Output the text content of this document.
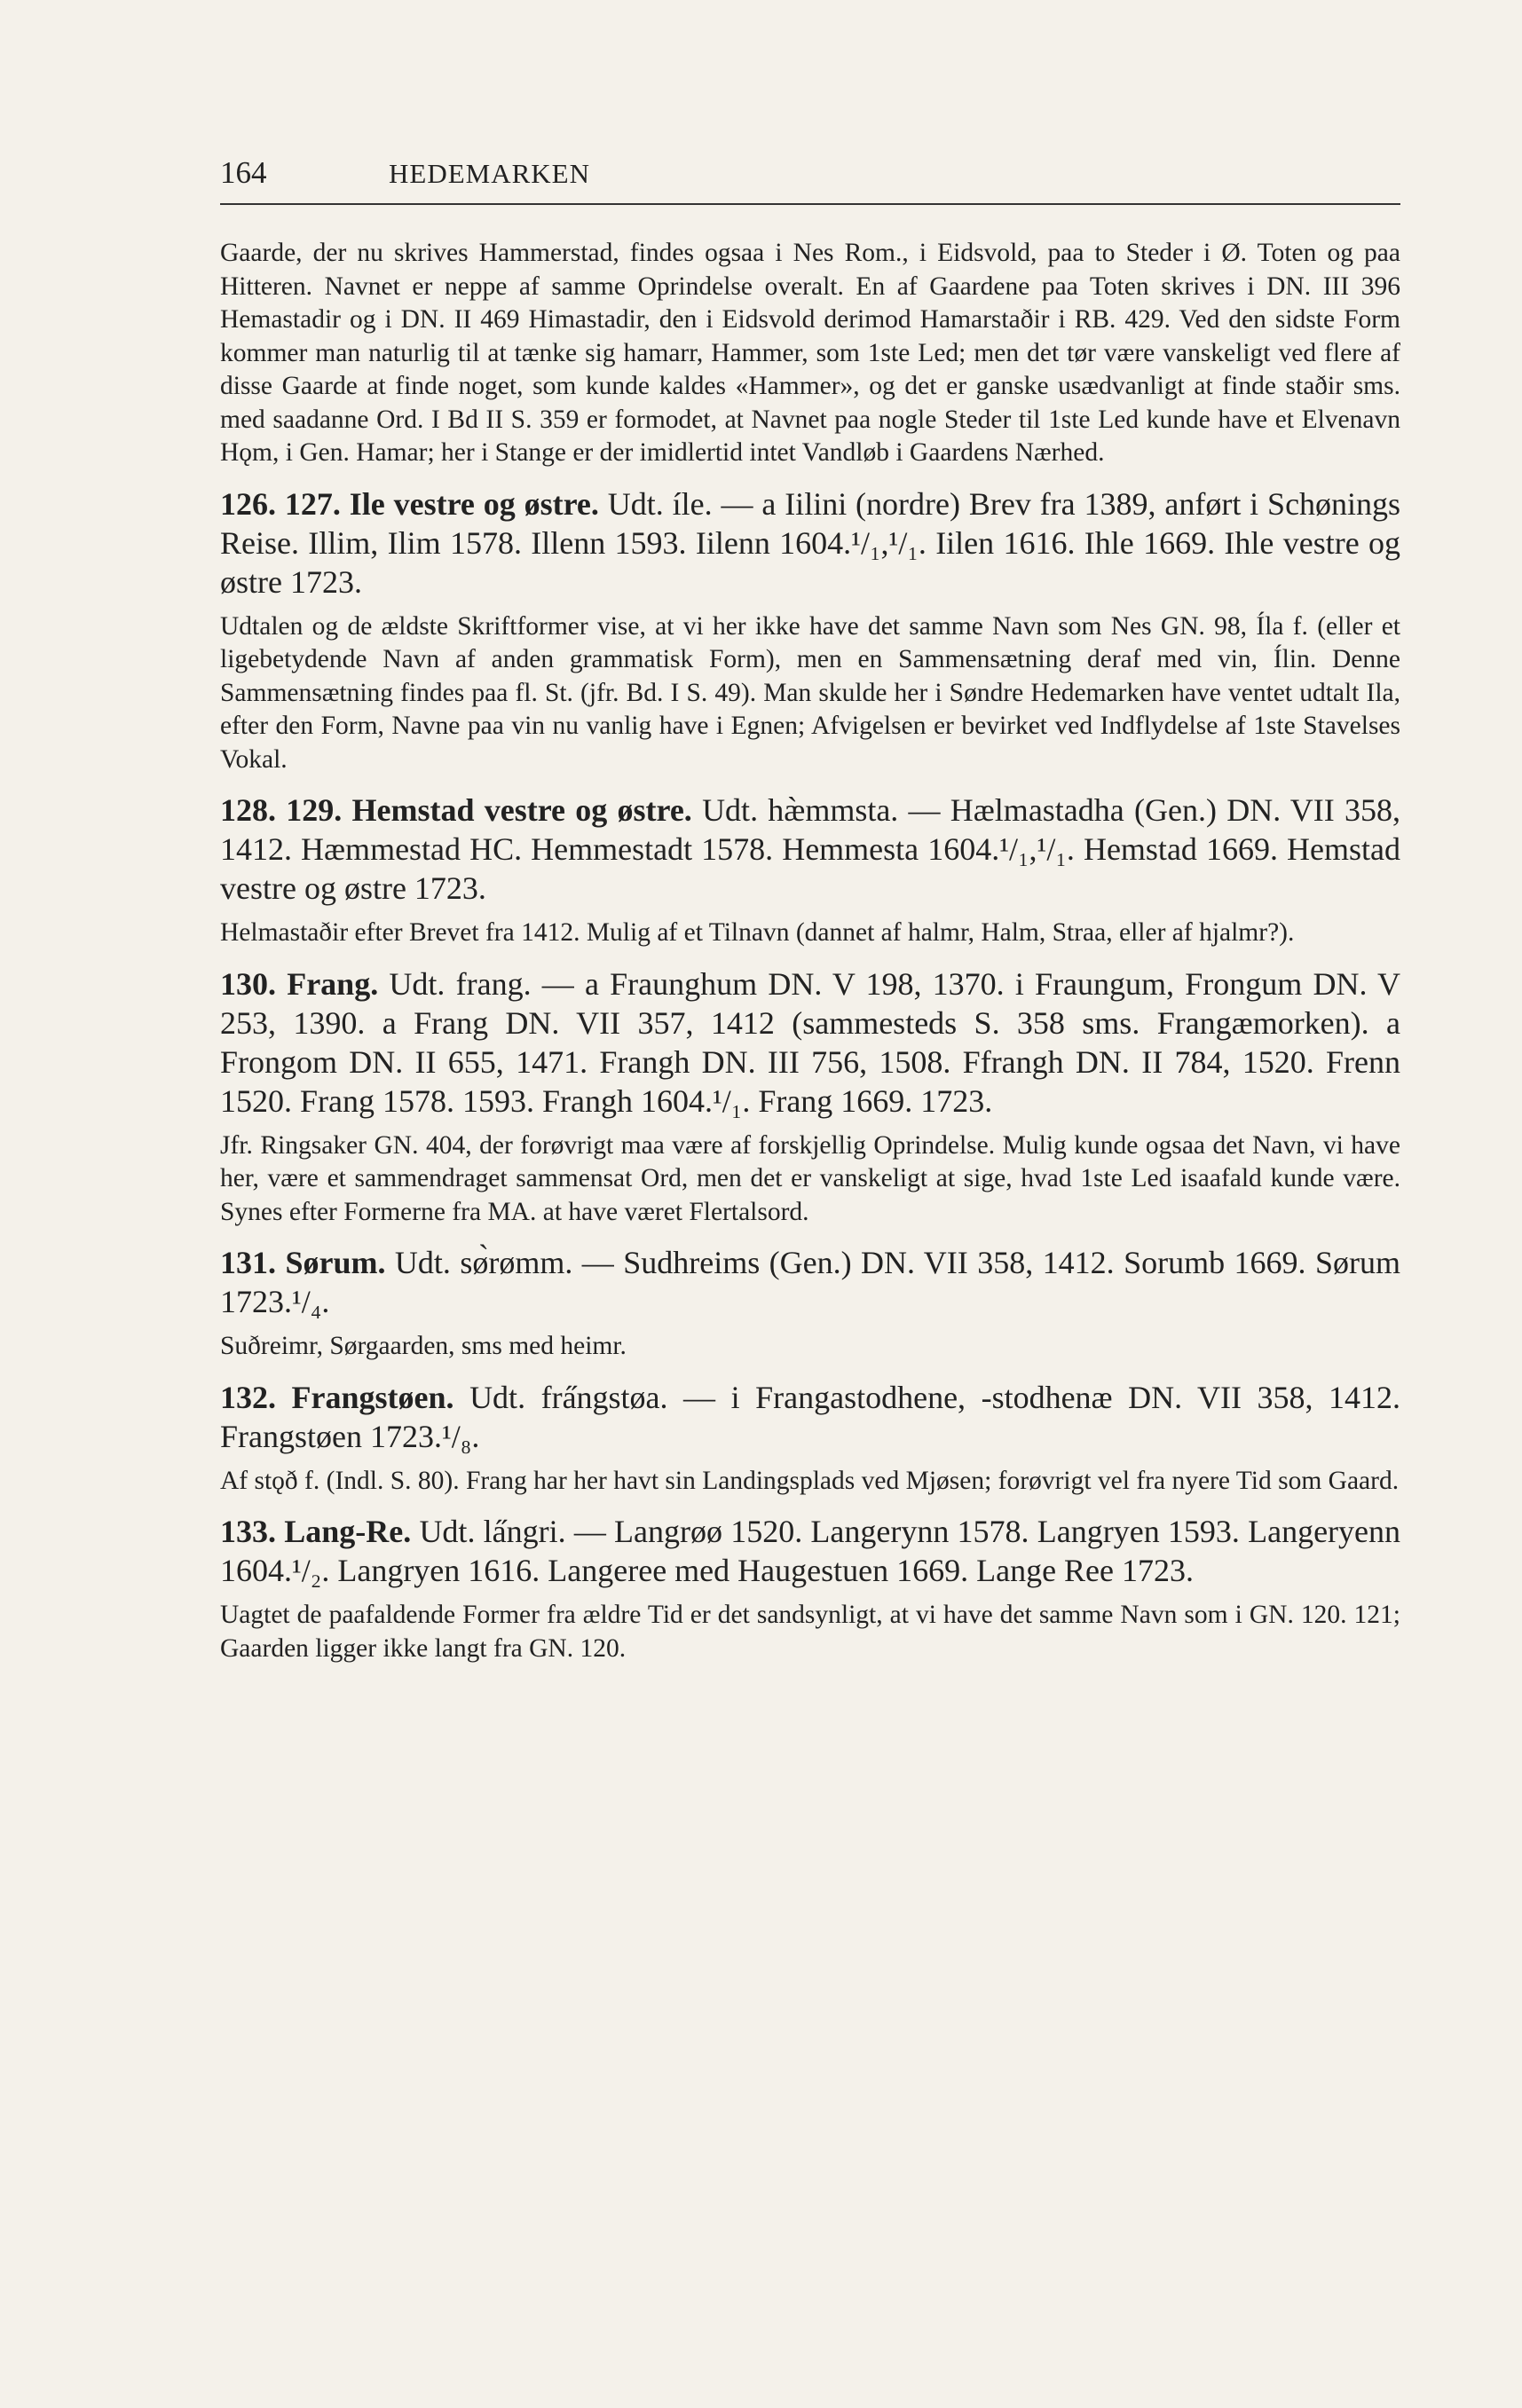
164	HEDEMARKEN

Gaarde, der nu skrives Hammerstad, findes ogsaa i Nes Rom., i Eidsvold, paa to Steder i Ø. Toten og paa Hitteren. Navnet er neppe af samme Oprindelse overalt. En af Gaardene paa Toten skrives i DN. III 396 Hemastadir og i DN. II 469 Himastadir, den i Eidsvold derimod Hamarstaðir i RB. 429. Ved den sidste Form kommer man naturlig til at tænke sig hamarr, Hammer, som 1ste Led; men det tør være vanskeligt ved flere af disse Gaarde at finde noget, som kunde kaldes «Hammer», og det er ganske usædvanligt at finde staðir sms. med saadanne Ord. I Bd II S. 359 er formodet, at Navnet paa nogle Steder til 1ste Led kunde have et Elvenavn Hǫm, i Gen. Hamar; her i Stange er der imidlertid intet Vandløb i Gaardens Nærhed.

126. 127. Ile vestre og østre. Udt. íle. — a Iilini (nordre) Brev fra 1389, anført i Schønings Reise. Illim, Ilim 1578. Illenn 1593. Iilenn 1604.¹/₁,¹/₁. Iilen 1616. Ihle 1669. Ihle vestre og østre 1723.

Udtalen og de ældste Skriftformer vise, at vi her ikke have det samme Navn som Nes GN. 98, Íla f. (eller et ligebetydende Navn af anden grammatisk Form), men en Sammensætning deraf med vin, Ílin. Denne Sammensætning findes paa fl. St. (jfr. Bd. I S. 49). Man skulde her i Søndre Hedemarken have ventet udtalt Ila, efter den Form, Navne paa vin nu vanlig have i Egnen; Afvigelsen er bevirket ved Indflydelse af 1ste Stavelses Vokal.

128. 129. Hemstad vestre og østre. Udt. hæ̀mmsta. — Hælmastadha (Gen.) DN. VII 358, 1412. Hæmmestad HC. Hemmestadt 1578. Hemmesta 1604.¹/₁,¹/₁. Hemstad 1669. Hemstad vestre og østre 1723.

Helmastaðir efter Brevet fra 1412. Mulig af et Tilnavn (dannet af halmr, Halm, Straa, eller af hjalmr?).

130. Frang. Udt. frang. — a Fraunghum DN. V 198, 1370. i Fraungum, Frongum DN. V 253, 1390. a Frang DN. VII 357, 1412 (sammesteds S. 358 sms. Frangæmorken). a Frongom DN. II 655, 1471. Frangh DN. III 756, 1508. Ffrangh DN. II 784, 1520. Frenn 1520. Frang 1578. 1593. Frangh 1604.¹/₁. Frang 1669. 1723.

Jfr. Ringsaker GN. 404, der forøvrigt maa være af forskjellig Oprindelse. Mulig kunde ogsaa det Navn, vi have her, være et sammendraget sammensat Ord, men det er vanskeligt at sige, hvad 1ste Led isaafald kunde være. Synes efter Formerne fra MA. at have været Flertalsord.

131. Sørum. Udt. sø̀rømm. — Sudhreims (Gen.) DN. VII 358, 1412. Sorumb 1669. Sørum 1723.¹/₄.

Suðreimr, Sørgaarden, sms med heimr.

132. Frangstøen. Udt. fra̋ngstøa. — i Frangastodhene, -stodhenæ DN. VII 358, 1412. Frangstøen 1723.¹/₈.

Af stǫð f. (Indl. S. 80). Frang har her havt sin Landingsplads ved Mjøsen; forøvrigt vel fra nyere Tid som Gaard.

133. Lang-Re. Udt. la̋ngri. — Langrøø 1520. Langerynn 1578. Langryen 1593. Langeryenn 1604.¹/₂. Langryen 1616. Langeree med Haugestuen 1669. Lange Ree 1723.

Uagtet de paafaldende Former fra ældre Tid er det sandsynligt, at vi have det samme Navn som i GN. 120. 121; Gaarden ligger ikke langt fra GN. 120.
